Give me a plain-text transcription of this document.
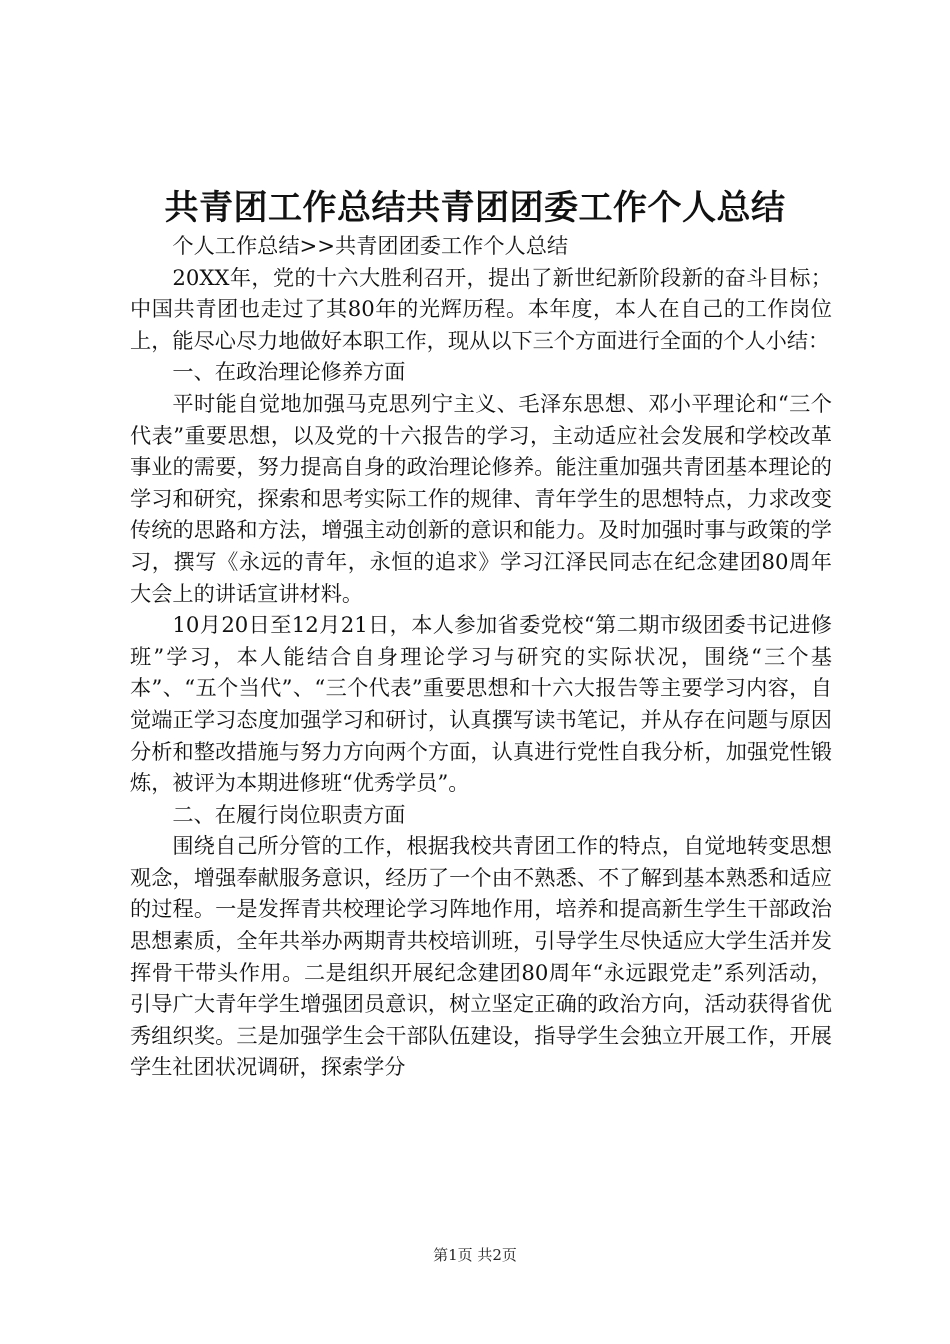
共青团工作总结共青团团委工作个人总结

个人工作总结>>共青团团委工作个人总结

20XX年，党的十六大胜利召开，提出了新世纪新阶段新的奋斗目标；中国共青团也走过了其80年的光辉历程。本年度，本人在自己的工作岗位上，能尽心尽力地做好本职工作，现从以下三个方面进行全面的个人小结：

一、在政治理论修养方面

平时能自觉地加强马克思列宁主义、毛泽东思想、邓小平理论和“三个代表”重要思想，以及党的十六报告的学习，主动适应社会发展和学校改革事业的需要，努力提高自身的政治理论修养。能注重加强共青团基本理论的学习和研究，探索和思考实际工作的规律、青年学生的思想特点，力求改变传统的思路和方法，增强主动创新的意识和能力。及时加强时事与政策的学习，撰写《永远的青年，永恒的追求》学习江泽民同志在纪念建团80周年大会上的讲话宣讲材料。

10月20日至12月21日，本人参加省委党校“第二期市级团委书记进修班”学习，本人能结合自身理论学习与研究的实际状况，围绕“三个基本”、“五个当代”、“三个代表”重要思想和十六大报告等主要学习内容，自觉端正学习态度加强学习和研讨，认真撰写读书笔记，并从存在问题与原因分析和整改措施与努力方向两个方面，认真进行党性自我分析，加强党性锻炼，被评为本期进修班“优秀学员”。

二、在履行岗位职责方面

围绕自己所分管的工作，根据我校共青团工作的特点，自觉地转变思想观念，增强奉献服务意识，经历了一个由不熟悉、不了解到基本熟悉和适应的过程。一是发挥青共校理论学习阵地作用，培养和提高新生学生干部政治思想素质，全年共举办两期青共校培训班，引导学生尽快适应大学生活并发挥骨干带头作用。二是组织开展纪念建团80周年“永远跟党走”系列活动，引导广大青年学生增强团员意识，树立坚定正确的政治方向，活动获得省优秀组织奖。三是加强学生会干部队伍建设，指导学生会独立开展工作，开展学生社团状况调研，探索学分

第1页 共2页
